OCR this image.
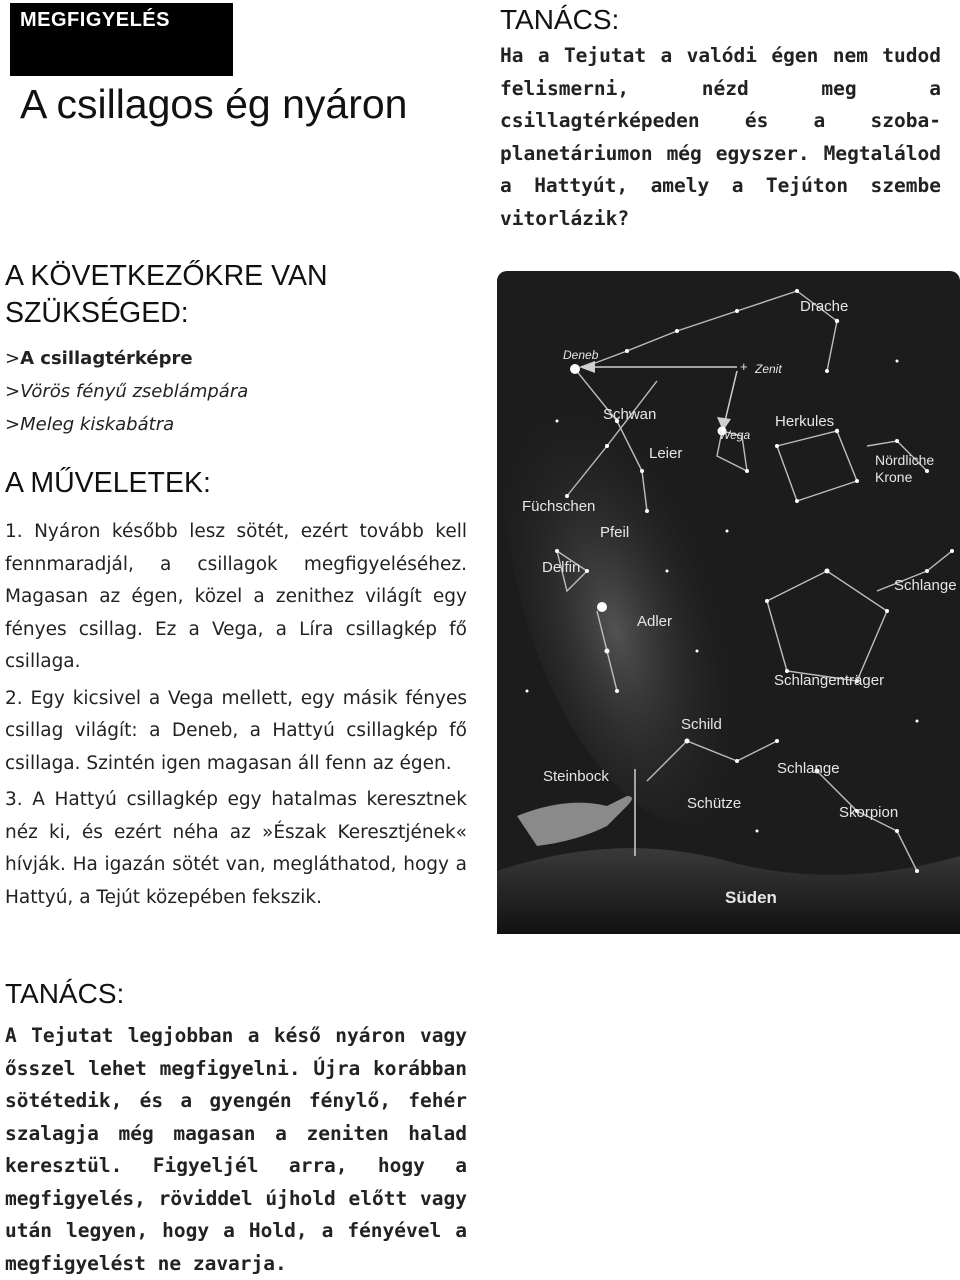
MEGFIGYELÉS
A csillagos ég nyáron
TANÁCS:

Ha a Tejutat a valódi égen nem tudod felismerni, nézd meg a csillagtérképeden és a szoba-planetáriumon még egyszer. Megtalálod a Hattyút, amely a Tejúton szembe vitorlázik?

A KÖVETKEZŐKRE VAN
SZÜKSÉGED:
>A csillagtérképre
>Vörös fényű zseblámpára
>Meleg kiskabátra
A MŰVELETEK:

1. Nyáron később lesz sötét, ezért tovább kell fennmaradjál, a csillagok megfigyeléséhez. Magasan az égen, közel a zenithez világít egy fényes csillag. Ez a Vega, a Líra csillagkép fő csillaga.

2. Egy kicsivel a Vega mellett, egy másik fényes csillag világít: a Deneb, a Hattyú csillagkép fő csillaga. Szintén igen magasan áll fenn az égen.

3. A Hattyú csillagkép egy hatalmas keresztnek néz ki, és ezért néha az »Észak Keresztjének« hívják. Ha igazán sötét van, megláthatod, hogy a Hattyú, a Tejút közepében fekszik.

+
Drache
Deneb
Zenit
Schwan
Wega
Herkules
Leier	Nördliche
Krone
Füchschen
Pfeil
Delfin
Schlange
Adler
Schlangenträger
Schild
Steinbock	Schlange
Schütze
Skorpion
Süden
TANÁCS:

A Tejutat legjobban a késő nyáron vagy ősszel lehet megfigyelni. Újra korábban sötétedik, és a gyengén fénylő, fehér szalagja még magasan a zeniten halad keresztül. Figyeljél arra, hogy a megfigyelés, röviddel újhold előtt vagy után legyen, hogy a Hold, a fényével a megfigyelést ne zavarja.
